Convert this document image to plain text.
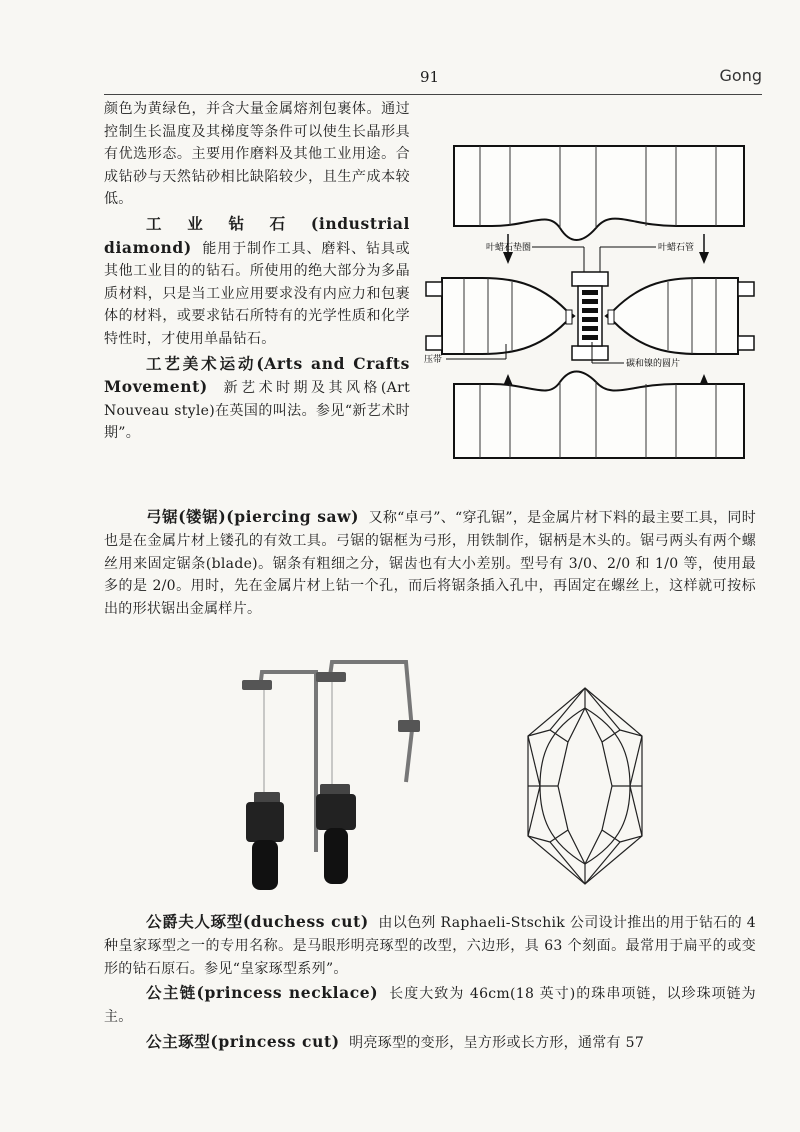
91	Gong

颜色为黄绿色，并含大量金属熔剂包裹体。通过控制生长温度及其梯度等条件可以使生长晶形具有优选形态。主要用作磨料及其他工业用途。合成钻砂与天然钻砂相比缺陷较少，且生产成本较低。

工业钻石(industrial diamond) 能用于制作工具、磨料、钻具或其他工业目的的钻石。所使用的绝大部分为多晶质材料，只是当工业应用要求没有内应力和包裹体的材料，或要求钻石所特有的光学性质和化学特性时，才使用单晶钻石。

工艺美术运动(Arts and Crafts Movement) 新艺术时期及其风格(Art Nouveau style)在英国的叫法。参见“新艺术时期”。

叶蜡石垫圈	叶蜡石管
压带	碳和镍的圆片

弓锯(镂锯)(piercing saw) 又称“卓弓”、“穿孔锯”，是金属片材下料的最主要工具，同时也是在金属片材上镂孔的有效工具。弓锯的锯框为弓形，用铁制作，锯柄是木头的。锯弓两头有两个螺丝用来固定锯条(blade)。锯条有粗细之分，锯齿也有大小差别。型号有 3/0、2/0 和 1/0 等，使用最多的是 2/0。用时，先在金属片材上钻一个孔，而后将锯条插入孔中，再固定在螺丝上，这样就可按标出的形状锯出金属样片。

公爵夫人琢型(duchess cut) 由以色列 Raphaeli-Stschik 公司设计推出的用于钻石的 4 种皇家琢型之一的专用名称。是马眼形明亮琢型的改型，六边形，具 63 个刻面。最常用于扁平的或变形的钻石原石。参见“皇家琢型系列”。

公主链(princess necklace) 长度大致为 46cm(18 英寸)的珠串项链，以珍珠项链为主。

公主琢型(princess cut) 明亮琢型的变形，呈方形或长方形，通常有 57
